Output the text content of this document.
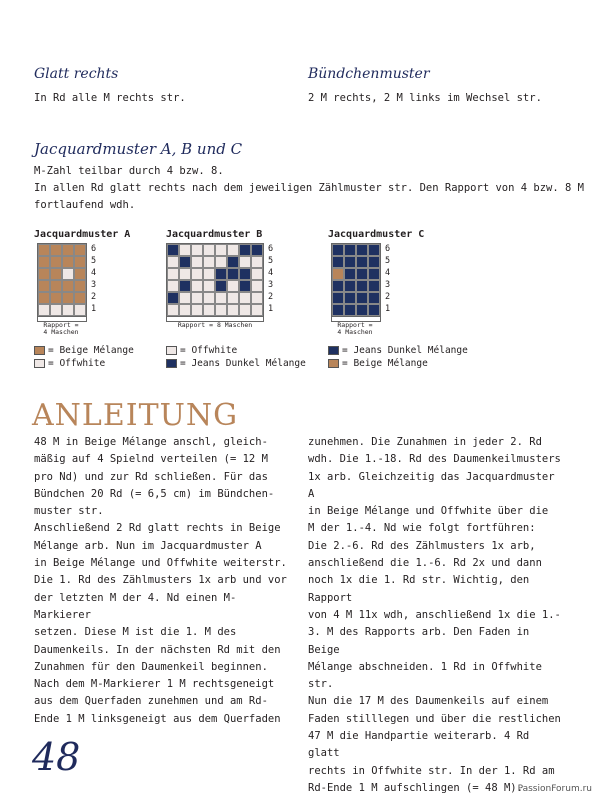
Glatt rechts
In Rd alle M rechts str.
Bündchenmuster
2 M rechts, 2 M links im Wechsel str.
Jacquardmuster A, B und C
M-Zahl teilbar durch 4 bzw. 8.
In allen Rd glatt rechts nach dem jeweiligen Zählmuster str. Den Rapport von 4 bzw. 8 M
fortlaufend wdh.
Jacquardmuster A
6
5
4
3
2
1
Rapport =
4 Maschen
= Beige Mélange
= Offwhite
Jacquardmuster B
6
5
4
3
2
1
Rapport = 8 Maschen
= Offwhite
= Jeans Dunkel Mélange
Jacquardmuster C
6
5
4
3
2
1
Rapport =
4 Maschen
= Jeans Dunkel Mélange
= Beige Mélange
ANLEITUNG
48 M in Beige Mélange anschl, gleich-
mäßig auf 4 Spielnd verteilen (= 12 M
pro Nd) und zur Rd schließen. Für das
Bündchen 20 Rd (= 6,5 cm) im Bündchen-
muster str.
Anschließend 2 Rd glatt rechts in Beige
Mélange arb. Nun im Jacquardmuster A
in Beige Mélange und Offwhite weiterstr.
Die 1. Rd des Zählmusters 1x arb und vor
der letzten M der 4. Nd einen M-Markierer
setzen. Diese M ist die 1. M des
Daumenkeils. In der nächsten Rd mit den
Zunahmen für den Daumenkeil beginnen.
Nach dem M-Markierer 1 M rechtsgeneigt
aus dem Querfaden zunehmen und am Rd-
Ende 1 M linksgeneigt aus dem Querfaden
zunehmen. Die Zunahmen in jeder 2. Rd
wdh. Die 1.-18. Rd des Daumenkeilmusters
1x arb. Gleichzeitig das Jacquardmuster A
in Beige Mélange und Offwhite über die
M der 1.-4. Nd wie folgt fortführen:
Die 2.-6. Rd des Zählmusters 1x arb,
anschließend die 1.-6. Rd 2x und dann
noch 1x die 1. Rd str. Wichtig, den Rapport
von 4 M 11x wdh, anschließend 1x die 1.-
3. M des Rapports arb. Den Faden in Beige
Mélange abschneiden. 1 Rd in Offwhite str.
Nun die 17 M des Daumenkeils auf einem
Faden stilllegen und über die restlichen
47 M die Handpartie weiterarb. 4 Rd glatt
rechts in Offwhite str. In der 1. Rd am
Rd-Ende 1 M aufschlingen (= 48 M).
48
PassionForum.ru
